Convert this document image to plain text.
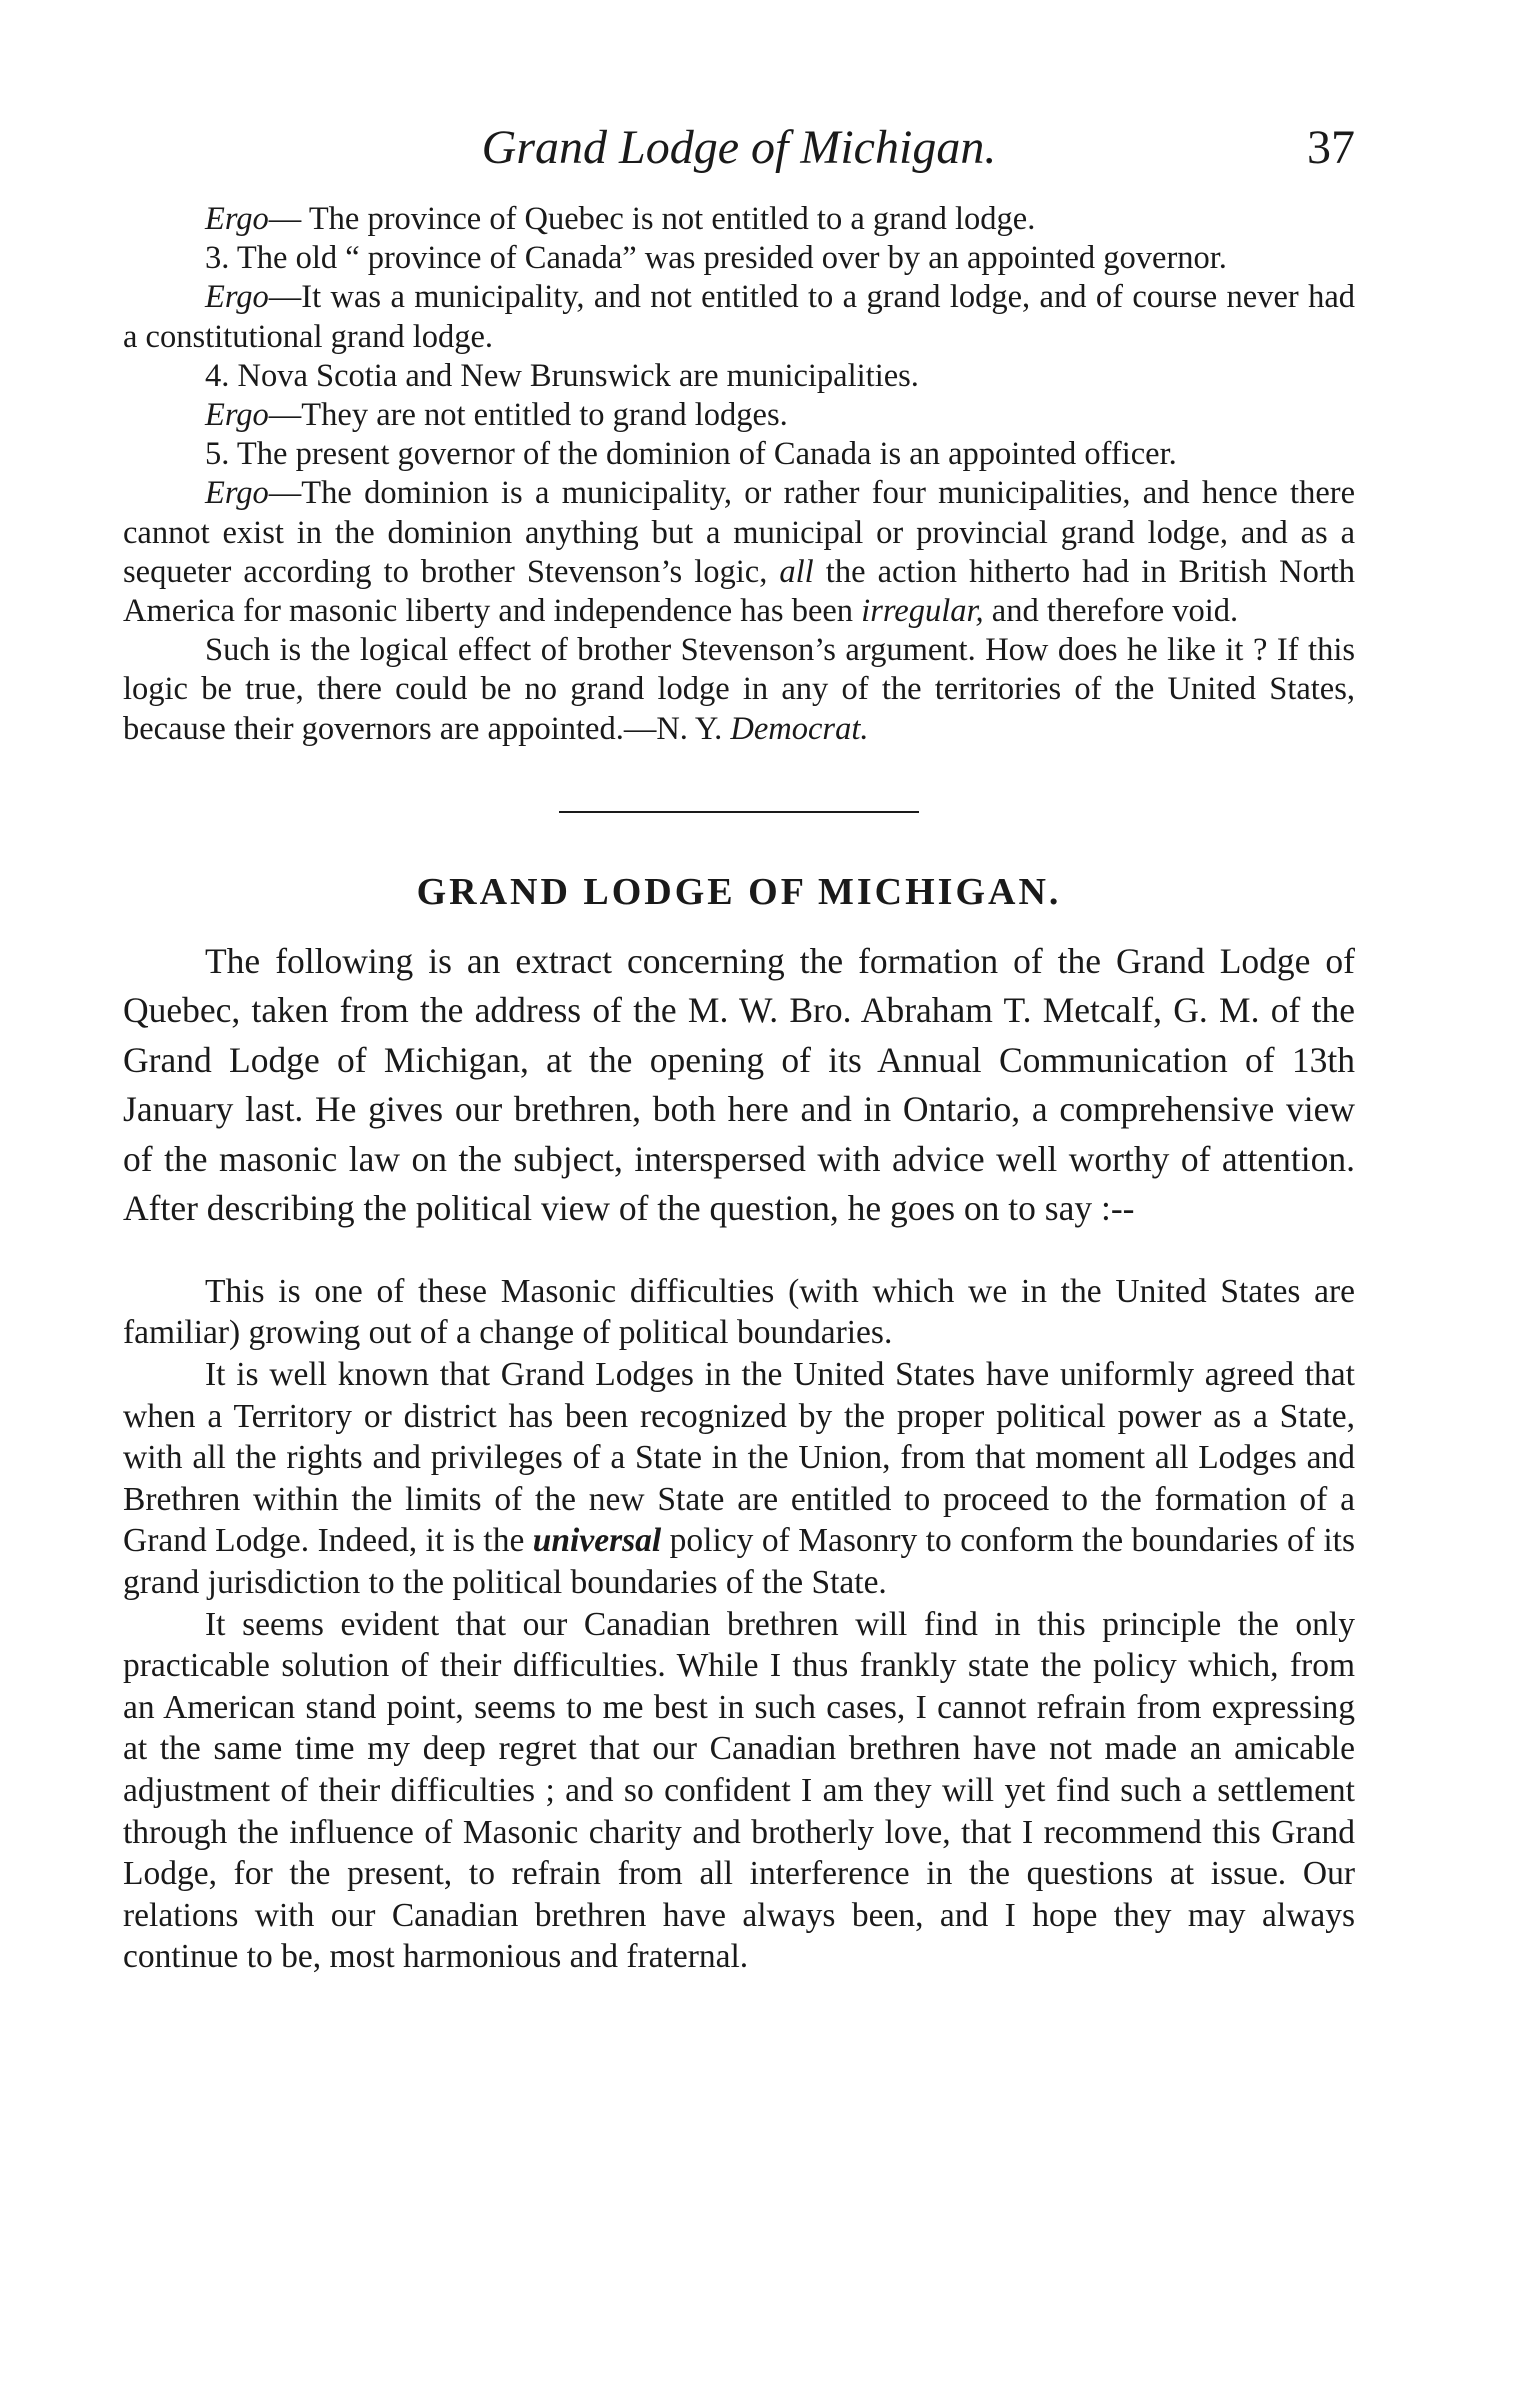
Grand Lodge of Michigan.	37

Ergo— The province of Quebec is not entitled to a grand lodge.

3. The old “ province of Canada” was presided over by an appointed governor.

Ergo—It was a municipality, and not entitled to a grand lodge, and of course never had a constitutional grand lodge.

4. Nova Scotia and New Brunswick are municipalities.

Ergo—They are not entitled to grand lodges.

5. The present governor of the dominion of Canada is an appointed officer.

Ergo—The dominion is a municipality, or rather four municipalities, and hence there cannot exist in the dominion anything but a municipal or provincial grand lodge, and as a sequeter according to brother Stevenson’s logic, all the action hitherto had in British North America for masonic liberty and independence has been irregular, and therefore void.

Such is the logical effect of brother Stevenson’s argument. How does he like it ? If this logic be true, there could be no grand lodge in any of the territories of the United States, because their governors are appointed.—N. Y. Democrat.

GRAND LODGE OF MICHIGAN.

The following is an extract concerning the formation of the Grand Lodge of Quebec, taken from the address of the M. W. Bro. Abraham T. Metcalf, G. M. of the Grand Lodge of Michigan, at the opening of its Annual Communication of 13th January last. He gives our brethren, both here and in Ontario, a comprehensive view of the masonic law on the subject, interspersed with advice well worthy of attention. After describing the political view of the question, he goes on to say :--

This is one of these Masonic difficulties (with which we in the United States are familiar) growing out of a change of political boundaries.

It is well known that Grand Lodges in the United States have uniformly agreed that when a Territory or district has been recognized by the proper political power as a State, with all the rights and privileges of a State in the Union, from that moment all Lodges and Brethren within the limits of the new State are entitled to proceed to the formation of a Grand Lodge. Indeed, it is the universal policy of Masonry to conform the boundaries of its grand jurisdiction to the political boundaries of the State.

It seems evident that our Canadian brethren will find in this principle the only practicable solution of their difficulties. While I thus frankly state the policy which, from an American stand point, seems to me best in such cases, I cannot refrain from expressing at the same time my deep regret that our Canadian brethren have not made an amicable adjustment of their difficulties ; and so confident I am they will yet find such a settlement through the influence of Masonic charity and brotherly love, that I recommend this Grand Lodge, for the present, to refrain from all interference in the questions at issue. Our relations with our Canadian brethren have always been, and I hope they may always continue to be, most harmonious and fraternal.
